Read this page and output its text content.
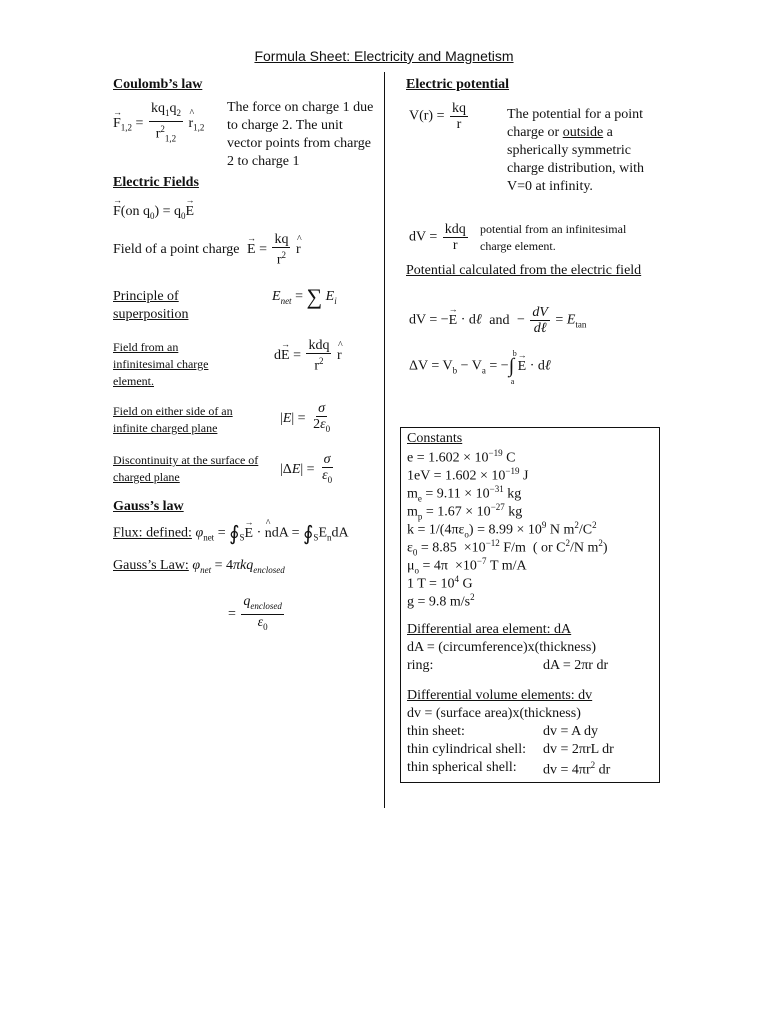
Formula Sheet: Electricity and Magnetism
Coulomb’s law
→ $F_{1,2} = \frac{kq_1q_2}{r^2_{1,2}}$ ^ $r_{1,2}$
The force on charge 1 due to charge 2. The unit vector points from charge 2 to charge 1
Electric Fields
→ F(on $q_0) = q_0\to E$
Field of a point charge → $E = \frac{kq}{r^2}$ ^ r
Principle of superposition
$E_{net}$ = ∑ $E_i$
Field from an infinitesimal charge element.
$d\to E = \frac{\text{kdq}}{r^2}$ ^ r
Field on either side of an infinite charged plane
$|E| = \frac{\sigma}{2\varepsilon_0}$
Discontinuity at the surface of charged plane	$|\Delta E| = \frac{\sigma}{\varepsilon_0}$
Gauss’s law
Flux: defined: $\varphi_{net}$ = $∮_S\to E$ · ^ ndA = $∮_SE_ndA$
Gauss’s Law: $\varphi_{net} = 4\pi kq_{enclosed}$
= $\frac{q_{enclosed}}{\varepsilon_0}$
Electric potential
$V(r) = \frac{kq}{r}$	The potential for a point charge or outside a spherically symmetric charge distribution, with V=0 at infinity.
dV = $\frac{\text{kdq}}{r}$ potential from an infinitesimal charge element.
Potential calculated from the electric field
dV = −→ E · dℓ and − $\frac{dV}{\text{dℓ}} = E_{tan}$
$\Delta V = V_b - V_a$ = −∫
b
a
→ E · dℓ
Constants
$e = 1.602 \times 10^{-19}$ C
$1eV = 1.602 \times 10^{-19}$ J
$m_e = 9.11 \times 10^{-31}$ kg
$m_p = 1.67 \times 10^{-27}$ kg
$k = 1/(4\pi\varepsilon_o) = 8.99 \times 10^9$ N $m^2/C^2$
$\varepsilon_0 = 8.85 \times 10^{-12}$ F/m  ( or $C^2/N$ $m^2$)
$\mu_o = 4\pi \times 10^{-7}$ T m/A
1 $T = 10^4$ G
g = 9.8 $m/s^2$
Differential area element: dA
dA = (circumference)x(thickness)
ring:	dA = 2πr dr
Differential volume elements: dv
dv = (surface area)x(thickness)
thin sheet:	dv = A dy
thin cylindrical shell: dv = 2πrL dr
thin spherical shell: dv = $4\pi r^2$ dr
